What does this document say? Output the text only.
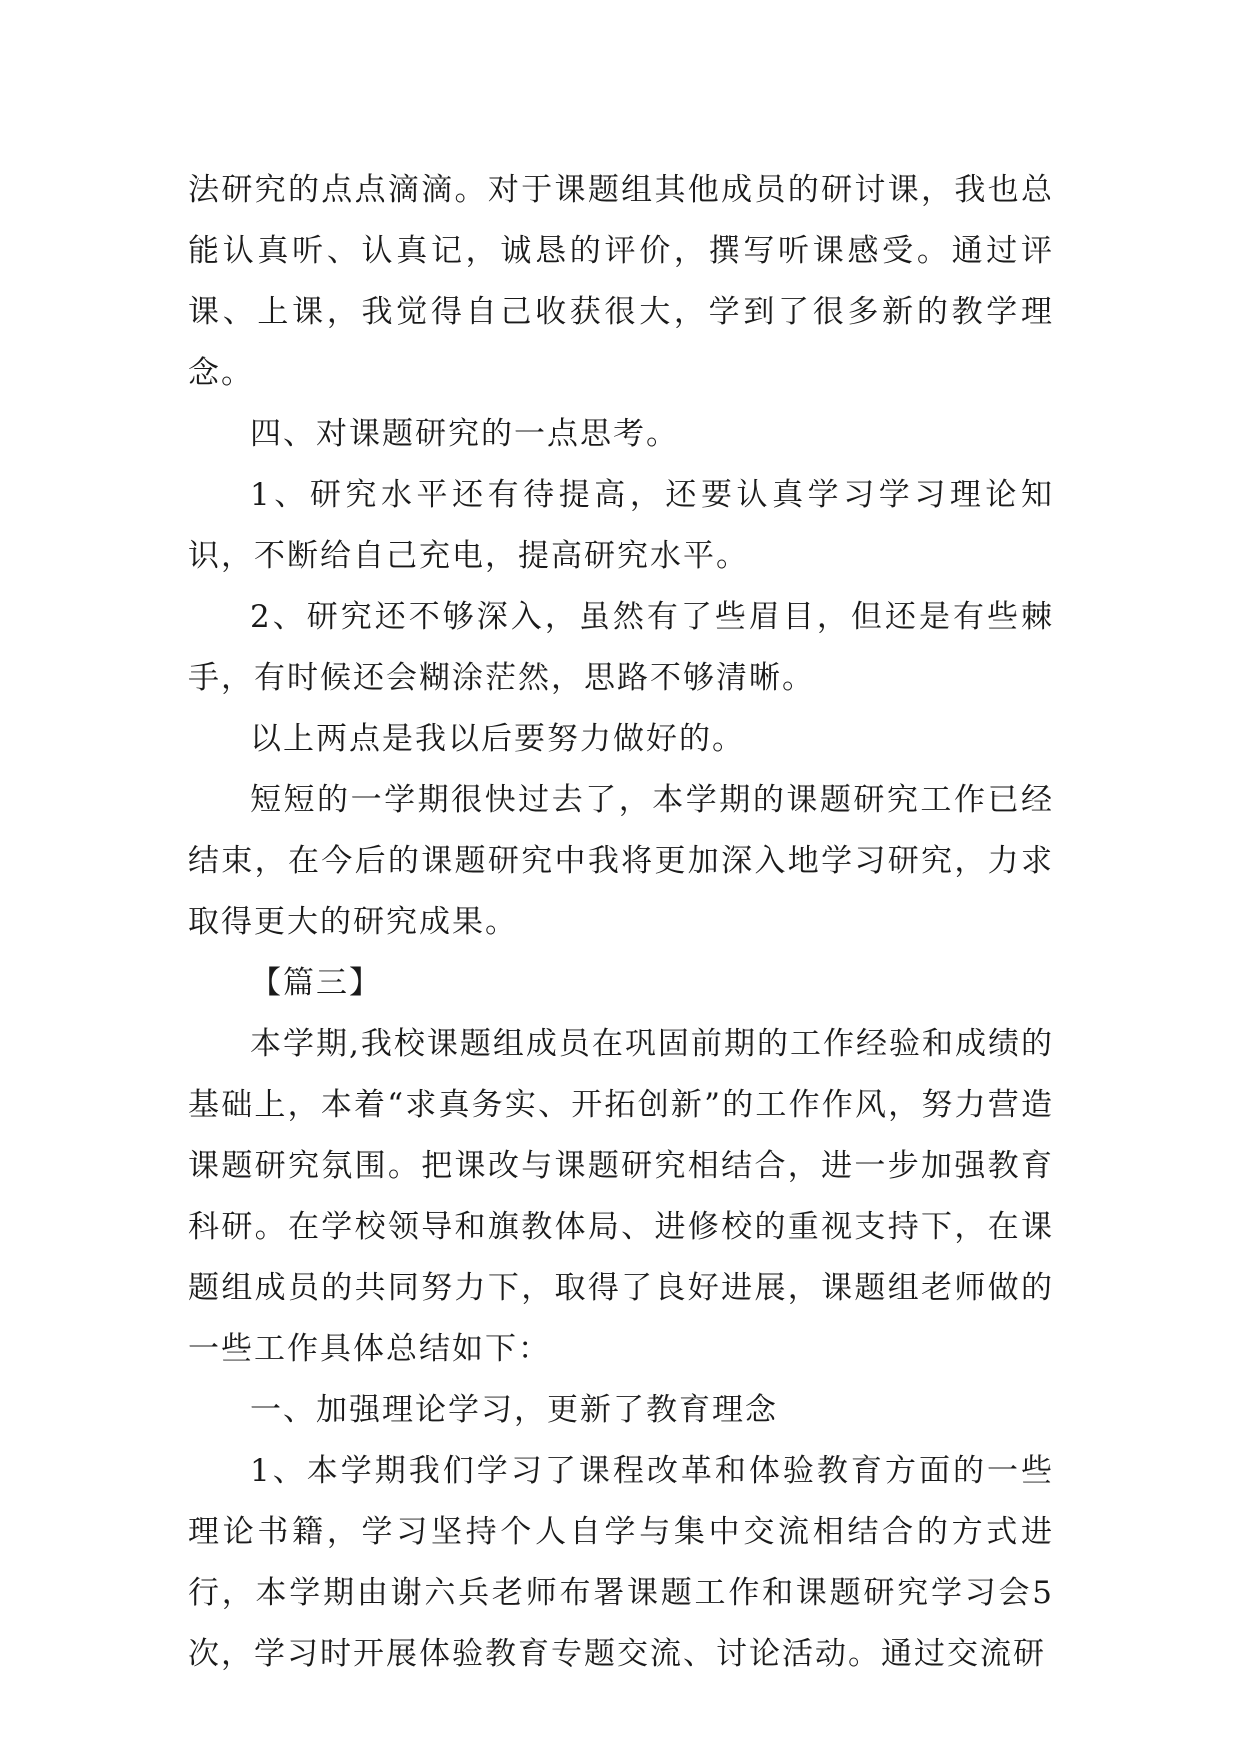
法研究的点点滴滴。对于课题组其他成员的研讨课，我也总能认真听、认真记，诚恳的评价，撰写听课感受。通过评课、上课，我觉得自己收获很大，学到了很多新的教学理念。

四、对课题研究的一点思考。

1、研究水平还有待提高，还要认真学习学习理论知识，不断给自己充电，提高研究水平。

2、研究还不够深入，虽然有了些眉目，但还是有些棘手，有时候还会糊涂茫然，思路不够清晰。

以上两点是我以后要努力做好的。

短短的一学期很快过去了，本学期的课题研究工作已经结束，在今后的课题研究中我将更加深入地学习研究，力求取得更大的研究成果。

【篇三】

本学期,我校课题组成员在巩固前期的工作经验和成绩的基础上，本着“求真务实、开拓创新”的工作作风，努力营造课题研究氛围。把课改与课题研究相结合，进一步加强教育科研。在学校领导和旗教体局、进修校的重视支持下，在课题组成员的共同努力下，取得了良好进展，课题组老师做的一些工作具体总结如下：

一、加强理论学习，更新了教育理念

1、本学期我们学习了课程改革和体验教育方面的一些理论书籍，学习坚持个人自学与集中交流相结合的方式进行，本学期由谢六兵老师布署课题工作和课题研究学习会5次，学习时开展体验教育专题交流、讨论活动。通过交流研
